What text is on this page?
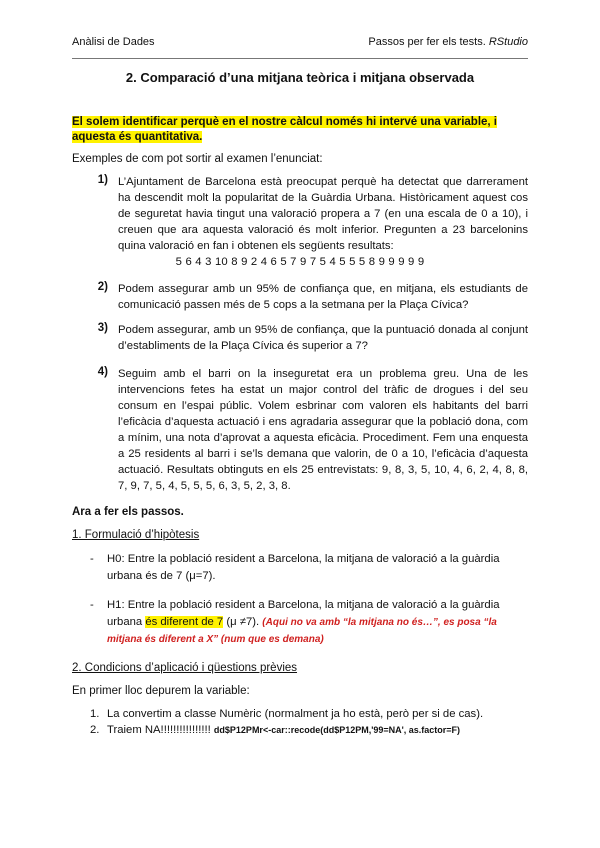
Anàlisi de Dades	Passos per fer els tests. RStudio
2. Comparació d’una mitjana teòrica i mitjana observada
El solem identificar perquè en el nostre càlcul només hi intervé una variable, i aquesta és quantitativa.
Exemples de com pot sortir al examen l’enunciat:
1) L’Ajuntament de Barcelona està preocupat perquè ha detectat que darrerament ha descendit molt la popularitat de la Guàrdia Urbana. Històricament aquest cos de seguretat havia tingut una valoració propera a 7 (en una escala de 0 a 10), i creuen que ara aquesta valoració és molt inferior. Pregunten a 23 barcelonins quina valoració en fan i obtenen els següents resultats:
5 6 4 3 10 8 9 2 4 6 5 7 9 7 5 4 5 5 5 8 9 9 9 9 9
2) Podem assegurar amb un 95% de confiança que, en mitjana, els estudiants de comunicació passen més de 5 cops a la setmana per la Plaça Cívica?
3) Podem assegurar, amb un 95% de confiança, que la puntuació donada al conjunt d’establiments de la Plaça Cívica és superior a 7?
4) Seguim amb el barri on la inseguretat era un problema greu. Una de les intervencions fetes ha estat un major control del tràfic de drogues i del seu consum en l’espai públic. Volem esbrinar com valoren els habitants del barri l’eficàcia d’aquesta actuació i ens agradaria assegurar que la població dona, com a mínim, una nota d’aprovat a aquesta eficàcia. Procediment. Fem una enquesta a 25 residents al barri i se’ls demana que valorin, de 0 a 10, l’eficàcia d’aquesta actuació. Resultats obtinguts en els 25 entrevistats: 9, 8, 3, 5, 10, 4, 6, 2, 4, 8, 8, 7, 9, 7, 5, 4, 5, 5, 5, 6, 3, 5, 2, 3, 8.
Ara a fer els passos.
1. Formulació d’hipòtesis
- H0: Entre la població resident a Barcelona, la mitjana de valoració a la guàrdia urbana és de 7 (μ=7).
- H1: Entre la població resident a Barcelona, la mitjana de valoració a la guàrdia urbana és diferent de 7 (μ ≠7). (Aqui no va amb “la mitjana no és…”, es posa “la mitjana és diferent a X” (num que es demana)
2. Condicions d’aplicació i qüestions prèvies
En primer lloc depurem la variable:
1. La convertim a classe Numèric (normalment ja ho està, però per si de cas).
2. Traiem NA!!!!!!!!!!!!!!!! dd$P12PMr<-car::recode(dd$P12PM,'99=NA', as.factor=F)
